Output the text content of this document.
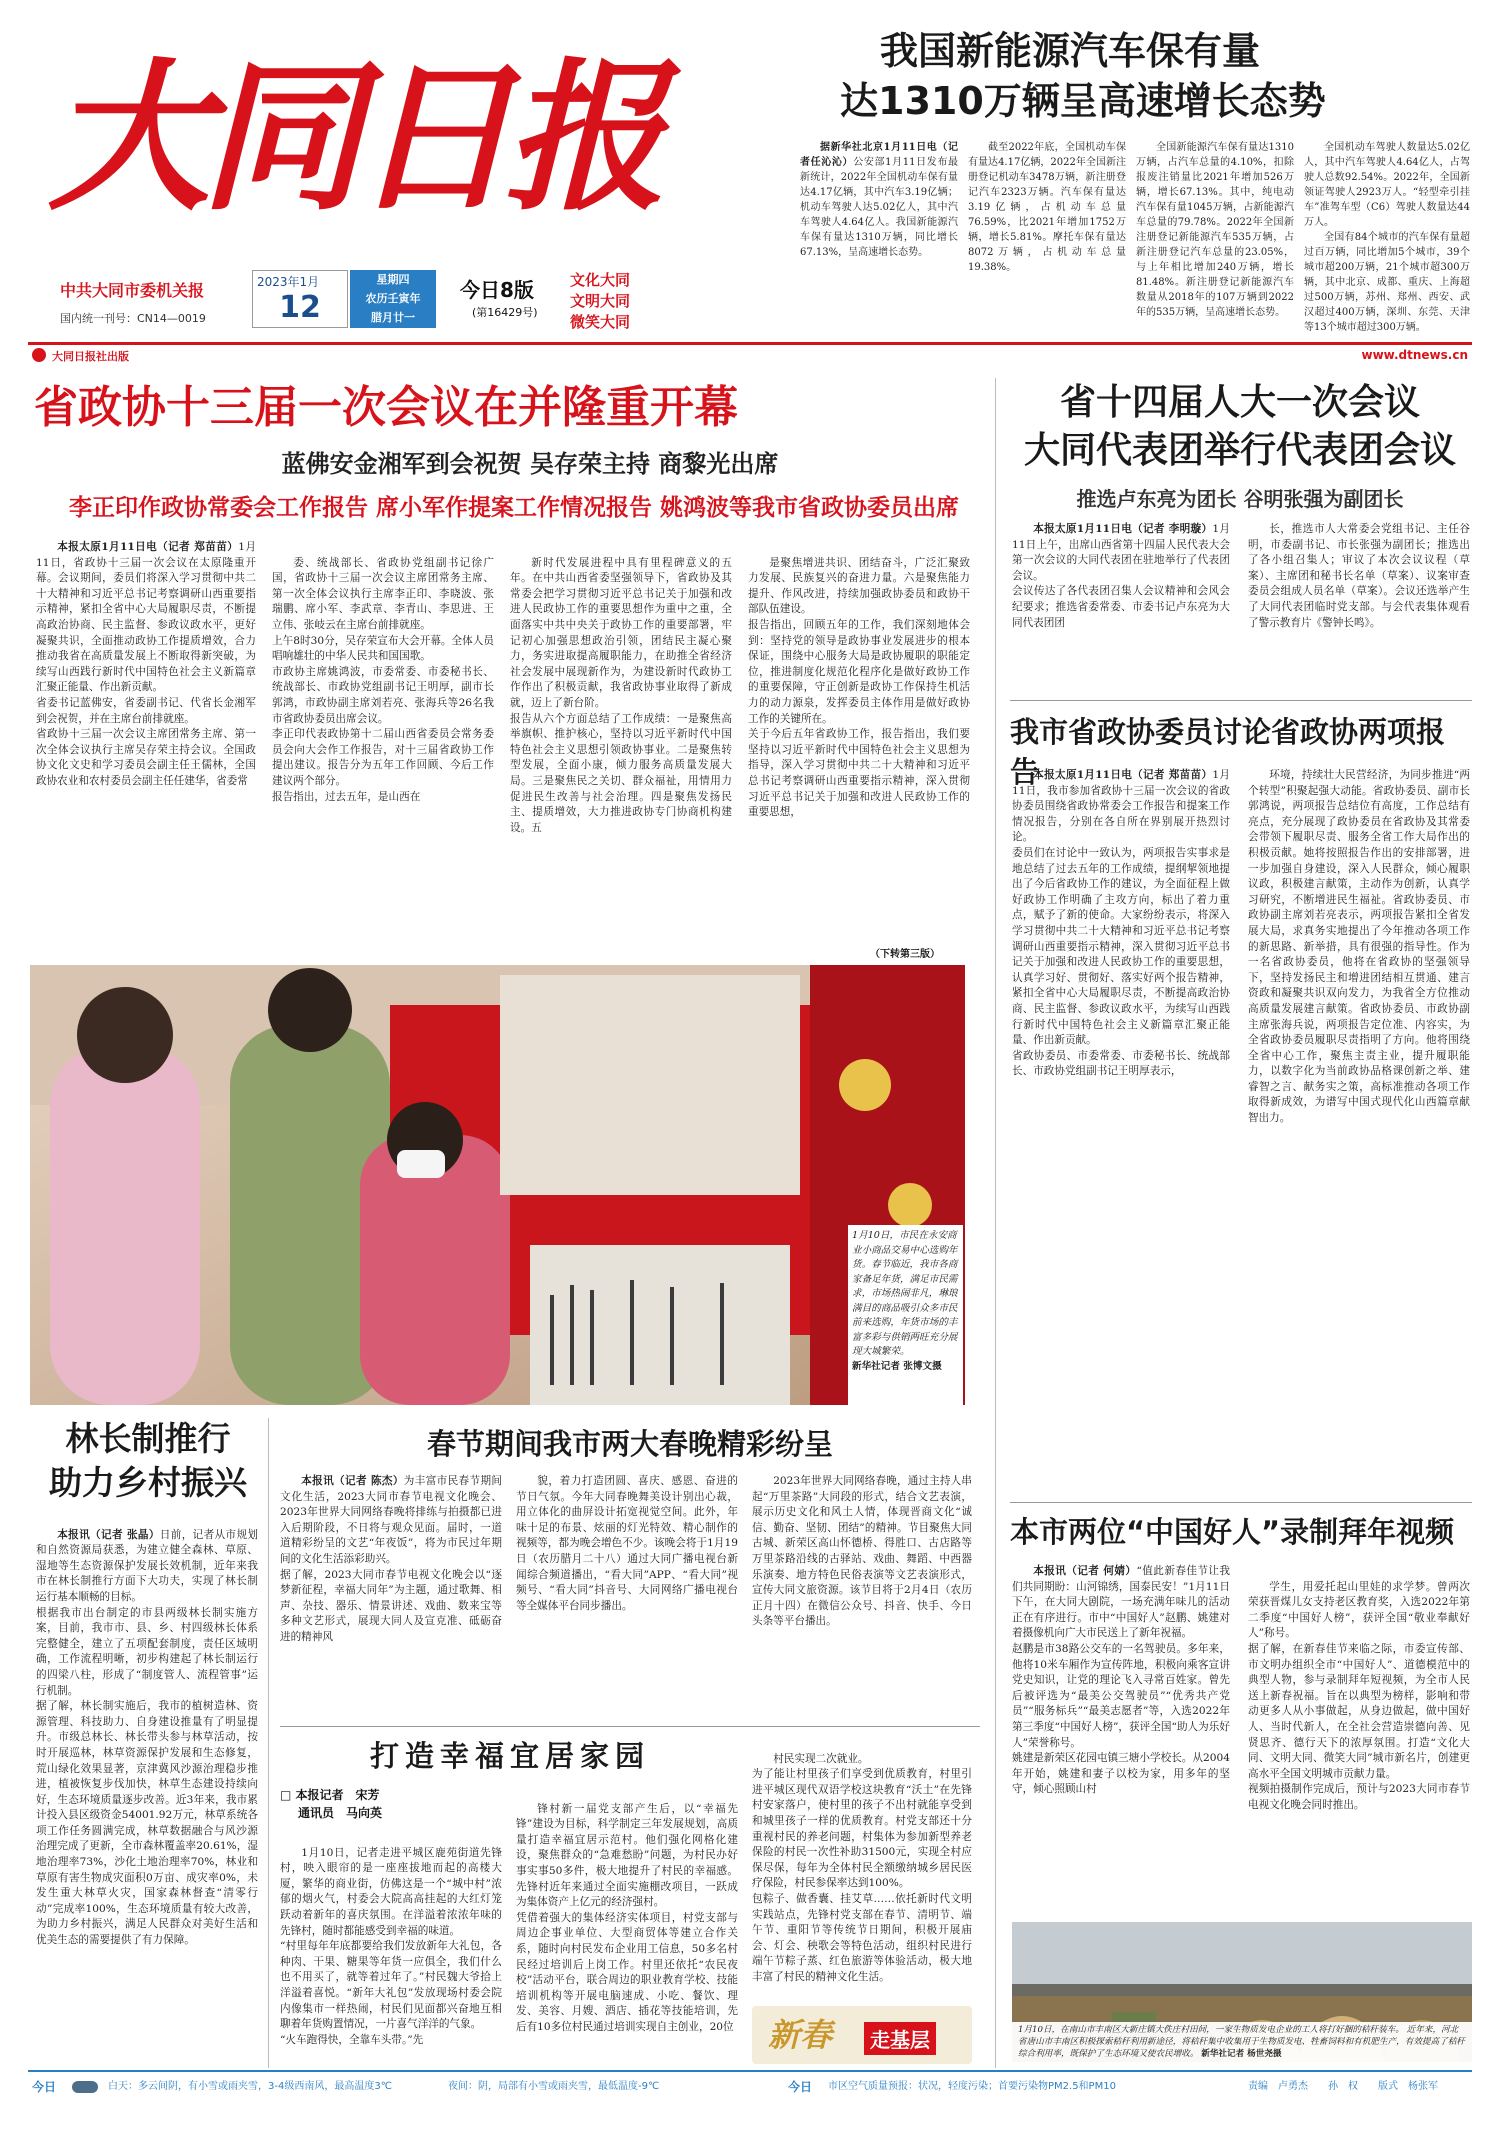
大同日报
中共大同市委机关报
国内统一刊号：CN14—0019
2023年1月
12
星期四
农历壬寅年
腊月廿一
今日8版
(第16429号)
文化大同
文明大同
微笑大同
大同日报社出版	www.dtnews.cn
我国新能源汽车保有量
达1310万辆呈高速增长态势

据新华社北京1月11日电（记者任沁沁）公安部1月11日发布最新统计，2022年全国机动车保有量达4.17亿辆，其中汽车3.19亿辆；机动车驾驶人达5.02亿人，其中汽车驾驶人4.64亿人。我国新能源汽车保有量达1310万辆，同比增长67.13%，呈高速增长态势。

截至2022年底，全国机动车保有量达4.17亿辆，2022年全国新注册登记机动车3478万辆，新注册登记汽车2323万辆。汽车保有量达3.19亿辆，占机动车总量76.59%，比2021年增加1752万辆，增长5.81%。摩托车保有量达8072万辆，占机动车总量19.38%。

全国新能源汽车保有量达1310万辆，占汽车总量的4.10%，扣除报废注销量比2021年增加526万辆，增长67.13%。其中，纯电动汽车保有量1045万辆，占新能源汽车总量的79.78%。2022年全国新注册登记新能源汽车535万辆，占新注册登记汽车总量的23.05%，与上年相比增加240万辆，增长81.48%。新注册登记新能源汽车数量从2018年的107万辆到2022年的535万辆，呈高速增长态势。

全国机动车驾驶人数量达5.02亿人，其中汽车驾驶人4.64亿人，占驾驶人总数92.54%。2022年，全国新领证驾驶人2923万人。“轻型牵引挂车”准驾车型（C6）驾驶人数量达44万人。

全国有84个城市的汽车保有量超过百万辆，同比增加5个城市，39个城市超200万辆，21个城市超300万辆，其中北京、成都、重庆、上海超过500万辆，苏州、郑州、西安、武汉超过400万辆，深圳、东莞、天津等13个城市超过300万辆。

省政协十三届一次会议在并隆重开幕
蓝佛安金湘军到会祝贺 吴存荣主持 商黎光出席
李正印作政协常委会工作报告 席小军作提案工作情况报告 姚鸿波等我市省政协委员出席

本报太原1月11日电（记者 郑苗苗）1月11日，省政协十三届一次会议在太原隆重开幕。会议期间，委员们将深入学习贯彻中共二十大精神和习近平总书记考察调研山西重要指示精神，紧扣全省中心大局履职尽责，不断提高政治协商、民主监督、参政议政水平，更好凝聚共识，全面推动政协工作提质增效，合力推动我省在高质量发展上不断取得新突破，为续写山西践行新时代中国特色社会主义新篇章汇聚正能量、作出新贡献。
省委书记蓝佛安，省委副书记、代省长金湘军到会祝贺，并在主席台前排就座。
省政协十三届一次会议主席团常务主席、第一次全体会议执行主席吴存荣主持会议。全国政协文化文史和学习委员会副主任王儒林，全国政协农业和农村委员会副主任任建华，省委常

委、统战部长、省政协党组副书记徐广国，省政协十三届一次会议主席团常务主席、第一次全体会议执行主席李正印、李晓波、张瑞鹏、席小军、李武章、李青山、李思进、王立伟、张岐云在主席台前排就座。
上午8时30分，吴存荣宣布大会开幕。全体人员唱响雄壮的中华人民共和国国歌。
市政协主席姚鸿波，市委常委、市委秘书长、统战部长、市政协党组副书记王明厚，副市长郭鸿，市政协副主席刘若亮、张海兵等26名我市省政协委员出席会议。
李正印代表政协第十二届山西省委员会常务委员会向大会作工作报告，对十三届省政协工作提出建议。报告分为五年工作回顾、今后工作建议两个部分。
报告指出，过去五年，是山西在

新时代发展进程中具有里程碑意义的五年。在中共山西省委坚强领导下，省政协及其常委会把学习贯彻习近平总书记关于加强和改进人民政协工作的重要思想作为重中之重，全面落实中共中央关于政协工作的重要部署，牢记初心加强思想政治引领，团结民主凝心聚力，务实进取提高履职能力，在助推全省经济社会发展中展现新作为，为建设新时代政协工作作出了积极贡献，我省政协事业取得了新成就，迈上了新台阶。
报告从六个方面总结了工作成绩：一是聚焦高举旗帜、推护核心，坚持以习近平新时代中国特色社会主义思想引领政协事业。二是聚焦转型发展，全面小康，倾力服务高质量发展大局。三是聚焦民之关切、群众福祉，用情用力促进民生改善与社会治理。四是聚焦发扬民主、提质增效，大力推进政协专门协商机构建设。五

是聚焦增进共识、团结奋斗，广泛汇聚致力发展、民族复兴的奋进力量。六是聚焦能力提升、作风改进，持续加强政协委员和政协干部队伍建设。
报告指出，回顾五年的工作，我们深刻地体会到：坚持党的领导是政协事业发展进步的根本保证，围绕中心服务大局是政协履职的职能定位，推进制度化规范化程序化是做好政协工作的重要保障，守正创新是政协工作保持生机活力的动力源泉，发挥委员主体作用是做好政协工作的关键所在。
关于今后五年省政协工作，报告指出，我们要坚持以习近平新时代中国特色社会主义思想为指导，深入学习贯彻中共二十大精神和习近平总书记考察调研山西重要指示精神，深入贯彻习近平总书记关于加强和改进人民政协工作的重要思想，

（下转第三版）
省十四届人大一次会议
大同代表团举行代表团会议
推选卢东亮为团长 谷明张强为副团长

本报太原1月11日电（记者 李明璇）1月11日上午，出席山西省第十四届人民代表大会第一次会议的大同代表团在驻地举行了代表团会议。
会议传达了各代表团召集人会议精神和会风会纪要求；推选省委常委、市委书记卢东亮为大同代表团团

长，推选市人大常委会党组书记、主任谷明，市委副书记、市长张强为副团长；推选出了各小组召集人；审议了本次会议议程（草案）、主席团和秘书长名单（草案）、议案审查委员会组成人员名单（草案）。会议还选举产生了大同代表团临时党支部。与会代表集体观看了警示教育片《警钟长鸣》。

我市省政协委员讨论省政协两项报告

本报太原1月11日电（记者 郑苗苗）1月11日，我市参加省政协十三届一次会议的省政协委员围绕省政协常委会工作报告和提案工作情况报告，分别在各自所在界别展开热烈讨论。
委员们在讨论中一致认为，两项报告实事求是地总结了过去五年的工作成绩，提纲挈领地提出了今后省政协工作的建议，为全面征程上做好政协工作明确了主攻方向，标出了着力重点，赋予了新的使命。大家纷纷表示，将深入学习贯彻中共二十大精神和习近平总书记考察调研山西重要指示精神，深入贯彻习近平总书记关于加强和改进人民政协工作的重要思想，认真学习好、贯彻好、落实好两个报告精神，紧扣全省中心大局履职尽责，不断提高政治协商、民主监督、参政议政水平，为续写山西践行新时代中国特色社会主义新篇章汇聚正能量、作出新贡献。
省政协委员、市委常委、市委秘书长、统战部长、市政协党组副书记王明厚表示，

环境，持续壮大民营经济，为同步推进“两个转型”积聚起强大动能。省政协委员、副市长郭鸿说，两项报告总结位有高度，工作总结有亮点，充分展现了政协委员在省政协及其常委会带领下履职尽责、服务全省工作大局作出的积极贡献。她将按照报告作出的安排部署，进一步加强自身建设，深入人民群众，倾心履职议政，积极建言献策，主动作为创新，认真学习研究，不断增进民生福祉。省政协委员、市政协副主席刘若亮表示，两项报告紧扣全省发展大局，求真务实地提出了今年推动各项工作的新思路、新举措，具有很强的指导性。作为一名省政协委员，他将在省政协的坚强领导下，坚持发扬民主和增进团结相互贯通、建言资政和凝聚共识双向发力，为我省全方位推动高质量发展建言献策。省政协委员、市政协副主席张海兵说，两项报告定位准、内容实，为全省政协委员履职尽责指明了方向。他将围绕全省中心工作，聚焦主责主业，提升履职能力，以数字化为当前政协品格课创新之举、建睿智之言、献务实之策，高标准推动各项工作取得新成效，为谱写中国式现代化山西篇章献智出力。

1月10日，市民在永安商业小商品交易中心选购年货。春节临近，我市各商家备足年货，满足市民需求，市场热闹非凡，琳琅满目的商品吸引众多市民前来选购，年货市场的丰富多彩与供销两旺充分展现大城繁荣。
新华社记者 张博文摄
本市两位“中国好人”录制拜年视频

本报讯（记者 何婧）“值此新春佳节让我们共同期盼：山河锦绣，国泰民安！”1月11日下午，在大同大剧院，一场充满年味儿的活动正在有序进行。市中“中国好人”赵鹏、姚建对着摄像机向广大市民送上了新年祝福。
赵鹏是市38路公交车的一名驾驶员。多年来，他将10米车厢作为宣传阵地，积极向乘客宣讲党史知识，让党的理论飞入寻常百姓家。曾先后被评选为“最美公交驾驶员”“优秀共产党员”“服务标兵”“最美志愿者”等，入选2022年第三季度“中国好人榜”，获评全国“助人为乐好人”荣誉称号。
姚建是新荣区花园屯镇三塘小学校长。从2004年开始，姚建和妻子以校为家，用多年的坚守，倾心照顾山村

学生，用爱托起山里娃的求学梦。曾两次荣获晋煤儿女支持老区教育奖，入选2022年第二季度“中国好人榜”，获评全国“敬业奉献好人”称号。
据了解，在新春佳节来临之际，市委宣传部、市文明办组织全市“中国好人”、道德模范中的典型人物，参与录制拜年短视频，为全市人民送上新春祝福。旨在以典型为榜样，影响和带动更多人从小事做起，从身边做起，做中国好人、当时代新人，在全社会营造崇德向善、见贤思齐、德行天下的浓厚氛围。打造“文化大同、文明大同、微笑大同”城市新名片，创建更高水平全国文明城市贡献力量。
视频拍摄制作完成后，预计与2023大同市春节电视文化晚会同时推出。

林长制推行
助力乡村振兴

本报讯（记者 张晶）日前，记者从市规划和自然资源局获悉，为建立健全森林、草原、湿地等生态资源保护发展长效机制，近年来我市在林长制推行方面下大功夫，实现了林长制运行基本顺畅的目标。
根据我市出台制定的市县两级林长制实施方案，目前，我市市、县、乡、村四级林长体系完整健全，建立了五项配套制度，责任区域明确，工作流程明晰，初步构建起了林长制运行的四梁八柱，形成了“制度管人、流程管事”运行机制。
据了解，林长制实施后，我市的植树造林、资源管理、科技助力、自身建设推量有了明显提升。市级总林长、林长带头参与林草活动，按时开展巡林，林草资源保护发展和生态修复，荒山绿化效果显著，京津冀风沙源治理稳步推进，植被恢复步伐加快，林草生态建设持续向好，生态环境质量逐步改善。近3年来，我市累计投入县区级资金54001.92万元，林草系统各项工作任务圆满完成，林草数据融合与风沙源治理完成了更新，全市森林覆盖率20.61%，湿地治理率73%，沙化土地治理率70%，林业和草原有害生物成灾面积0万亩、成灾率0%，未发生重大林草火灾，国家森林督查“清零行动”完成率100%，生态环境质量有较大改善，为助力乡村振兴，满足人民群众对美好生活和优美生态的需要提供了有力保障。

春节期间我市两大春晚精彩纷呈

本报讯（记者 陈杰）为丰富市民春节期间文化生活，2023大同市春节电视文化晚会、2023年世界大同网络春晚将排练与拍摄都已进入后期阶段，不日将与观众见面。届时，一道道精彩纷呈的文艺“年夜饭”，将为市民过年期间的文化生活添彩助兴。
据了解，2023大同市春节电视文化晚会以“逐梦新征程，幸福大同年”为主题，通过歌舞、相声、杂技、器乐、情景讲述、戏曲、数来宝等多种文艺形式，展现大同人及宣克准、砥砺奋进的精神风

貌，着力打造团圆、喜庆、感恩、奋进的节日气氛。今年大同春晚舞美设计别出心裁，用立体化的曲屏设计拓宽视觉空间。此外，年味十足的布景、炫丽的灯光特效、精心制作的视频等，都为晚会增色不少。该晚会将于1月19日（农历腊月二十八）通过大同广播电视台新闻综合频道播出，“看大同”APP、“看大同”视频号、“看大同”抖音号、大同网络广播电视台等全媒体平台同步播出。

2023年世界大同网络春晚，通过主持人串起“万里茶路”大同段的形式，结合文艺表演，展示历史文化和风土人情，体现晋商文化“诚信、勤奋、坚韧、团结”的精神。节目聚焦大同古城、新荣区高山怀德桥、得胜口、古店路等万里茶路沿线的古驿站、戏曲、舞蹈、中西器乐演奏、地方特色民俗表演等文艺表演形式，宣传大同文旅资源。该节目将于2月4日（农历正月十四）在微信公众号、抖音、快手、今日头条等平台播出。

打造幸福宜居家园
□ 本报记者　宋芳
通讯员　马向英

1月10日，记者走进平城区鹿苑街道先锋村，映入眼帘的是一座座拔地而起的高楼大厦，繁华的商业街，仿佛这是一个“城中村”浓郁的烟火气，村委会大院高高挂起的大红灯笼跃动着新年的喜庆氛围。在洋溢着浓浓年味的先锋村，随时都能感受到幸福的味道。
“村里每年年底都要给我们发放新年大礼包，各种肉、干果、糖果等年货一应俱全，我们什么也不用买了，就等着过年了。”村民魏大爷拾上洋溢着喜悦。“新年大礼包”发放现场村委会院内像集市一样热闹，村民们见面都兴奋地互相聊着年货购置情况，一片喜气洋洋的气象。
“火车跑得快，全靠车头带。”先

锋村新一届党支部产生后，以“幸福先锋”建设为目标，科学制定三年发展规划，高质量打造幸福宜居示范村。他们强化网格化建设，聚焦群众的“急难愁盼”问题，为村民办好事实事50多件，极大地提升了村民的幸福感。先锋村近年来通过全面实施棚改项目，一跃成为集体资产上亿元的经济强村。
凭借着强大的集体经济实体项目，村党支部与周边企事业单位、大型商贸体等建立合作关系，随时向村民发布企业用工信息，50多名村民经过培训后上岗工作。村里还依托“农民夜校”活动平台，联合周边的职业教育学校、技能培训机构等开展电脑速成、小吃、餐饮、理发、美容、月嫂、酒店、插花等技能培训，先后有10多位村民通过培训实现自主创业，20位

村民实现二次就业。
为了能让村里孩子们享受到优质教育，村里引进平城区现代双语学校这块教育“沃土”在先锋村安家落户，使村里的孩子不出村就能享受到和城里孩子一样的优质教育。村党支部还十分重视村民的养老问题，村集体为参加新型养老保险的村民一次性补助31500元，实现全村应保尽保，每年为全体村民全额缴纳城乡居民医疗保险，村民参保率达到100%。
包粽子、做香囊、挂艾草……依托新时代文明实践站点，先锋村党支部在春节、清明节、端午节、重阳节等传统节日期间，积极开展庙会、灯会、秧歌会等特色活动，组织村民进行端午节粽子蒸、红色旅游等体验活动，极大地丰富了村民的精神文化生活。

新春	走基层	1月10日，在南山市丰南区大新庄镇大佚庄村田间，一家生物质发电企业的工人将打好捆的秸秆装车。 近年来，河北省唐山市丰南区积极探索秸秆利用新途径，将秸秆集中收集用于生物质发电、牲畜饲料和有机肥生产，有效提高了秸秆综合利用率，既保护了生态环境又使农民增收。 新华社记者 杨世尧摄
今日	白天：多云间阴，有小雪或雨夹雪，3-4级西南风，最高温度3℃	夜间：阴，局部有小雪或雨夹雪，最低温度-9℃	今日 市区空气质量预报：状况，轻度污染；首要污染物PM2.5和PM10	责编 卢勇杰 孙　权 版式 杨张军
